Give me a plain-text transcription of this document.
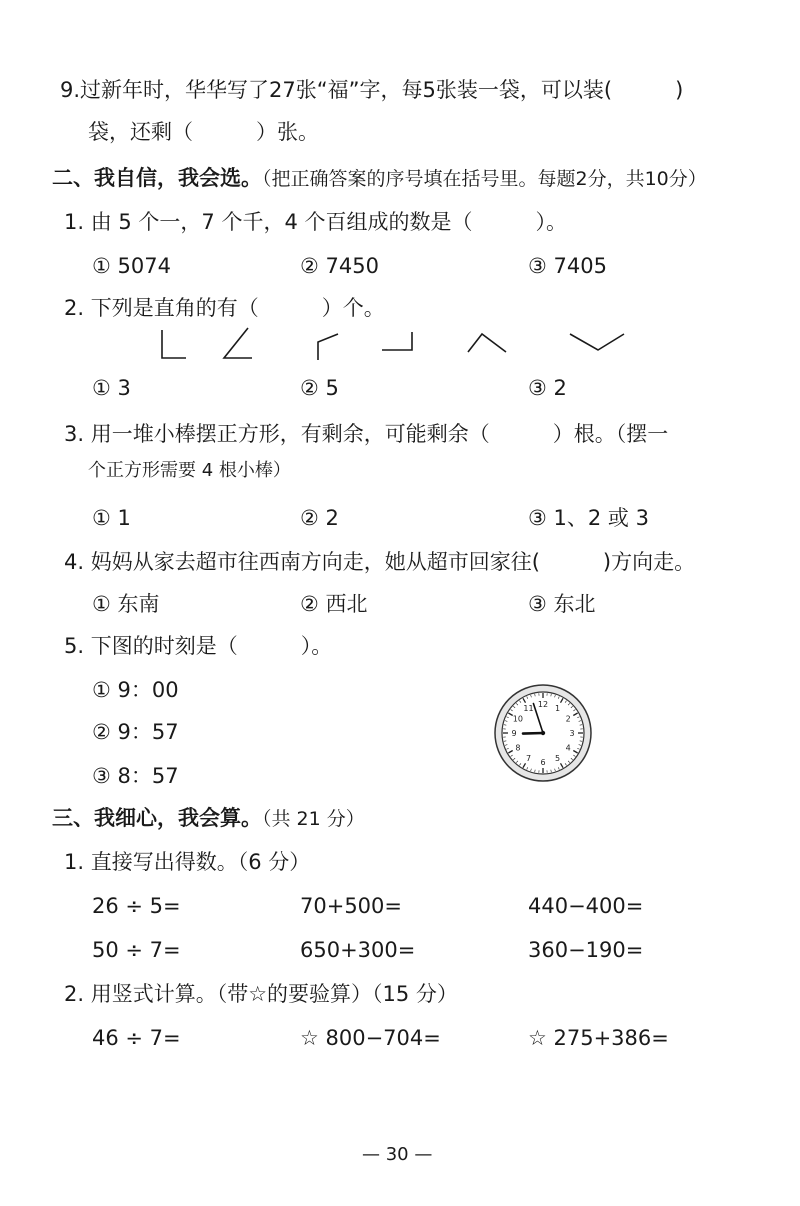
9.过新年时，华华写了27张“福”字，每5张装一袋，可以装(　　　)
袋，还剩（　　　）张。
二、我自信，我会选。（把正确答案的序号填在括号里。每题2分，共10分）
1. 由 5 个一，7 个千，4 个百组成的数是（　　　）。
① 5074	② 7450	③ 7405
2. 下列是直角的有（　　　）个。
① 3	② 5	③ 2
3. 用一堆小棒摆正方形，有剩余，可能剩余（　　　）根。（摆一
个正方形需要 4 根小棒）
① 1	② 2	③ 1、2 或 3
4. 妈妈从家去超市往西南方向走，她从超市回家往(　　　)方向走。
① 东南	② 西北	③ 东北
5. 下图的时刻是（　　　）。
① 9：00
② 9：57
③ 8：57
12 1
2
3
4
5
6
7
8
9
10
11
三、我细心，我会算。（共 21 分）
1. 直接写出得数。（6 分）
26 ÷ 5=	70+500=	440−400=
50 ÷ 7=	650+300=	360−190=
2. 用竖式计算。（带☆的要验算）（15 分）
46 ÷ 7=	☆ 800−704=	☆ 275+386=
— 30 —
